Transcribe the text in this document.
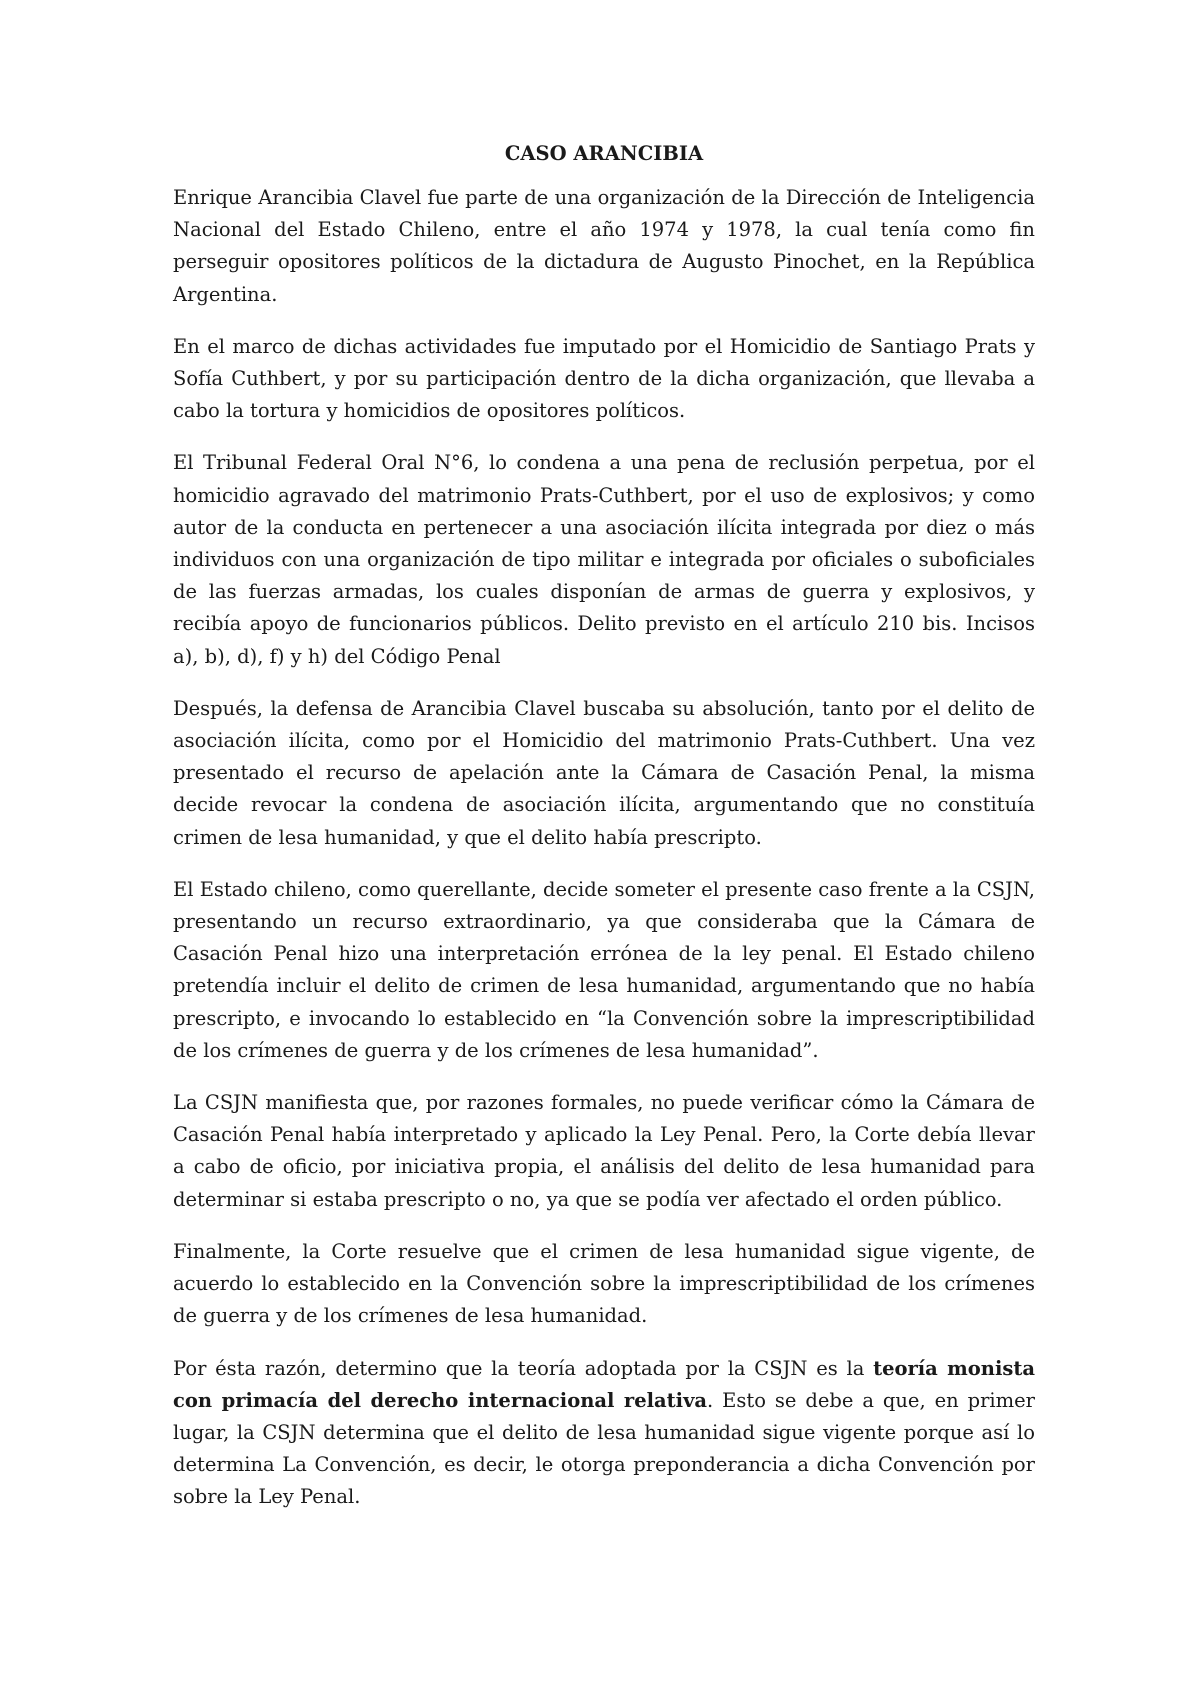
CASO ARANCIBIA

Enrique Arancibia Clavel fue parte de una organización de la Dirección de Inteligencia Nacional del Estado Chileno, entre el año 1974 y 1978, la cual tenía como fin perseguir opositores políticos de la dictadura de Augusto Pinochet, en la República Argentina.

En el marco de dichas actividades fue imputado por el Homicidio de Santiago Prats y Sofía Cuthbert, y por su participación dentro de la dicha organización, que llevaba a cabo la tortura y homicidios de opositores políticos.

El Tribunal Federal Oral N°6, lo condena a una pena de reclusión perpetua, por el homicidio agravado del matrimonio Prats-Cuthbert, por el uso de explosivos; y como autor de la conducta en pertenecer a una asociación ilícita integrada por diez o más individuos con una organización de tipo militar e integrada por oficiales o suboficiales de las fuerzas armadas, los cuales disponían de armas de guerra y explosivos, y recibía apoyo de funcionarios públicos. Delito previsto en el artículo 210 bis. Incisos a), b), d), f) y h) del Código Penal

Después, la defensa de Arancibia Clavel buscaba su absolución, tanto por el delito de asociación ilícita, como por el Homicidio del matrimonio Prats-Cuthbert. Una vez presentado el recurso de apelación ante la Cámara de Casación Penal, la misma decide revocar la condena de asociación ilícita, argumentando que no constituía crimen de lesa humanidad, y que el delito había prescripto.

El Estado chileno, como querellante, decide someter el presente caso frente a la CSJN, presentando un recurso extraordinario, ya que consideraba que la Cámara de Casación Penal hizo una interpretación errónea de la ley penal. El Estado chileno pretendía incluir el delito de crimen de lesa humanidad, argumentando que no había prescripto, e invocando lo establecido en “la Convención sobre la imprescriptibilidad de los crímenes de guerra y de los crímenes de lesa humanidad”.

La CSJN manifiesta que, por razones formales, no puede verificar cómo la Cámara de Casación Penal había interpretado y aplicado la Ley Penal. Pero, la Corte debía llevar a cabo de oficio, por iniciativa propia, el análisis del delito de lesa humanidad para determinar si estaba prescripto o no, ya que se podía ver afectado el orden público.

Finalmente, la Corte resuelve que el crimen de lesa humanidad sigue vigente, de acuerdo lo establecido en la Convención sobre la imprescriptibilidad de los crímenes de guerra y de los crímenes de lesa humanidad.

Por ésta razón, determino que la teoría adoptada por la CSJN es la teoría monista con primacía del derecho internacional relativa. Esto se debe a que, en primer lugar, la CSJN determina que el delito de lesa humanidad sigue vigente porque así lo determina La Convención, es decir, le otorga preponderancia a dicha Convención por sobre la Ley Penal.
